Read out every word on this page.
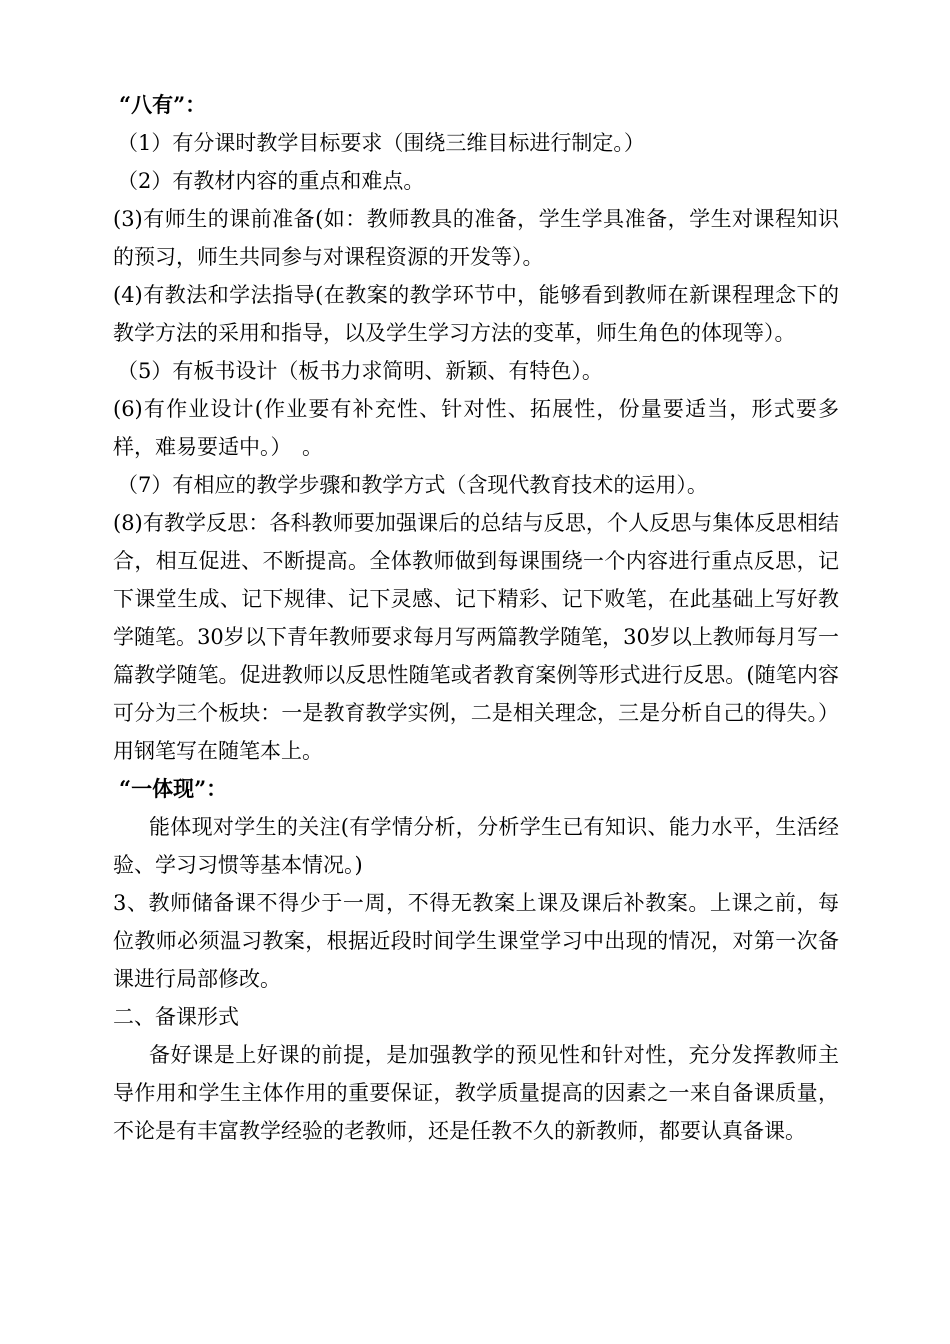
“八有”：

（1）有分课时教学目标要求（围绕三维目标进行制定。）

（2）有教材内容的重点和难点。

(3)有师生的课前准备(如：教师教具的准备，学生学具准备，学生对课程知识的预习，师生共同参与对课程资源的开发等）。

(4)有教法和学法指导(在教案的教学环节中，能够看到教师在新课程理念下的教学方法的采用和指导，以及学生学习方法的变革，师生角色的体现等）。

（5）有板书设计（板书力求简明、新颖、有特色）。

(6)有作业设计(作业要有补充性、针对性、拓展性，份量要适当，形式要多样，难易要适中。）　。

（7）有相应的教学步骤和教学方式（含现代教育技术的运用）。

(8)有教学反思：各科教师要加强课后的总结与反思，个人反思与集体反思相结合，相互促进、不断提高。全体教师做到每课围绕一个内容进行重点反思，记下课堂生成、记下规律、记下灵感、记下精彩、记下败笔，在此基础上写好教学随笔。30岁以下青年教师要求每月写两篇教学随笔，30岁以上教师每月写一篇教学随笔。促进教师以反思性随笔或者教育案例等形式进行反思。(随笔内容可分为三个板块：一是教育教学实例，二是相关理念，三是分析自己的得失。）用钢笔写在随笔本上。

“一体现”：

能体现对学生的关注(有学情分析，分析学生已有知识、能力水平，生活经验、学习习惯等基本情况。)

3、教师储备课不得少于一周，不得无教案上课及课后补教案。上课之前，每位教师必须温习教案，根据近段时间学生课堂学习中出现的情况，对第一次备课进行局部修改。

二、备课形式

备好课是上好课的前提，是加强教学的预见性和针对性，充分发挥教师主导作用和学生主体作用的重要保证，教学质量提高的因素之一来自备课质量，不论是有丰富教学经验的老教师，还是任教不久的新教师，都要认真备课。
